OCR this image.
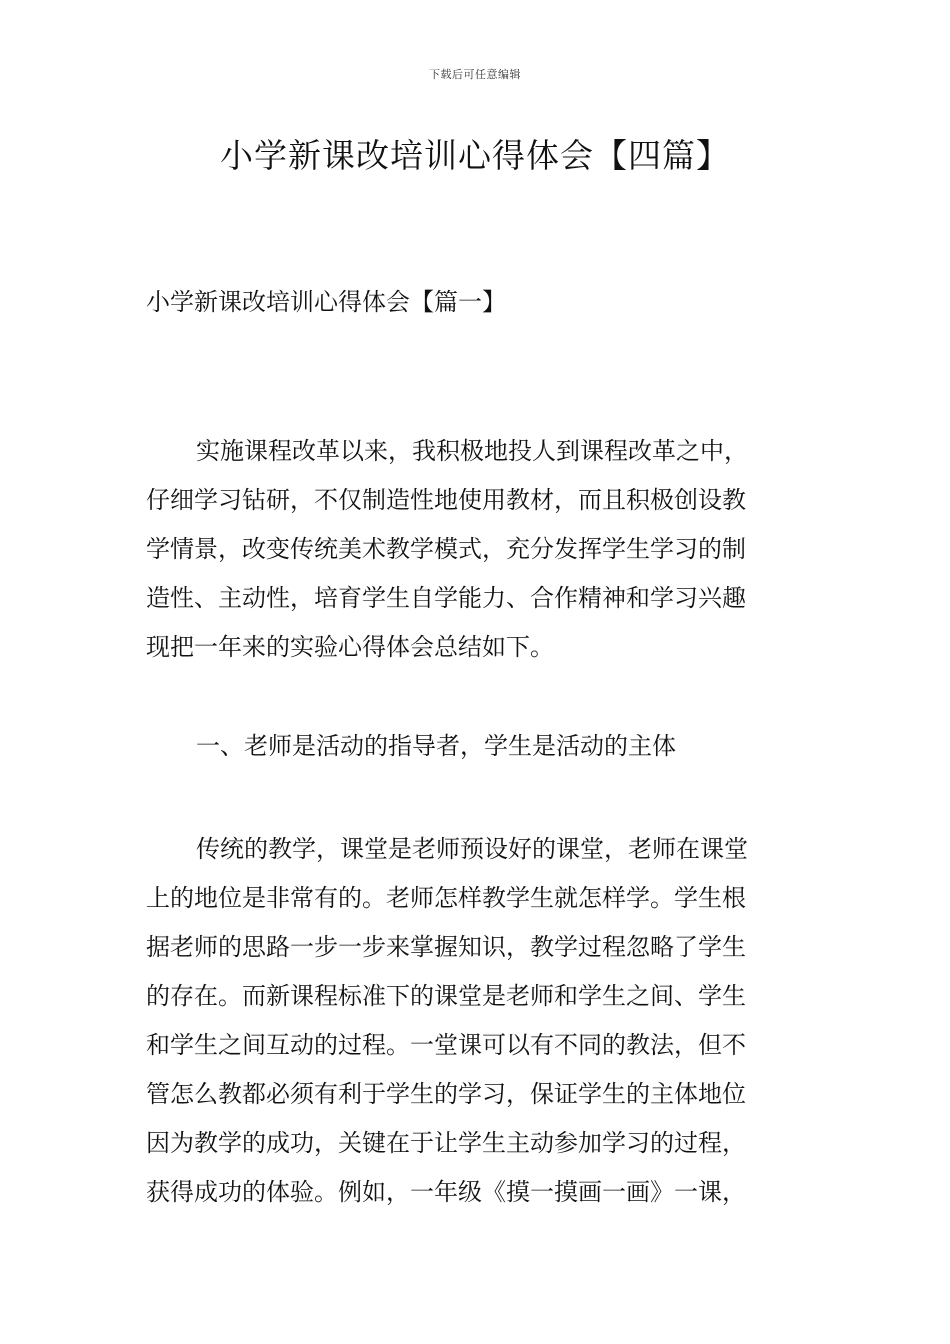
下载后可任意编辑
小学新课改培训心得体会【四篇】
小学新课改培训心得体会【篇一】

实施课程改革以来，我积极地投人到课程改革之中，
仔细学习钻研，不仅制造性地使用教材，而且积极创设教
学情景，改变传统美术教学模式，充分发挥学生学习的制
造性、主动性，培育学生自学能力、合作精神和学习兴趣
现把一年来的实验心得体会总结如下。

一、老师是活动的指导者，学生是活动的主体

传统的教学，课堂是老师预设好的课堂，老师在课堂
上的地位是非常有的。老师怎样教学生就怎样学。学生根
据老师的思路一步一步来掌握知识，教学过程忽略了学生
的存在。而新课程标准下的课堂是老师和学生之间、学生
和学生之间互动的过程。一堂课可以有不同的教法，但不
管怎么教都必须有利于学生的学习，保证学生的主体地位
因为教学的成功，关键在于让学生主动参加学习的过程，
获得成功的体验。例如，一年级《摸一摸画一画》一课，
